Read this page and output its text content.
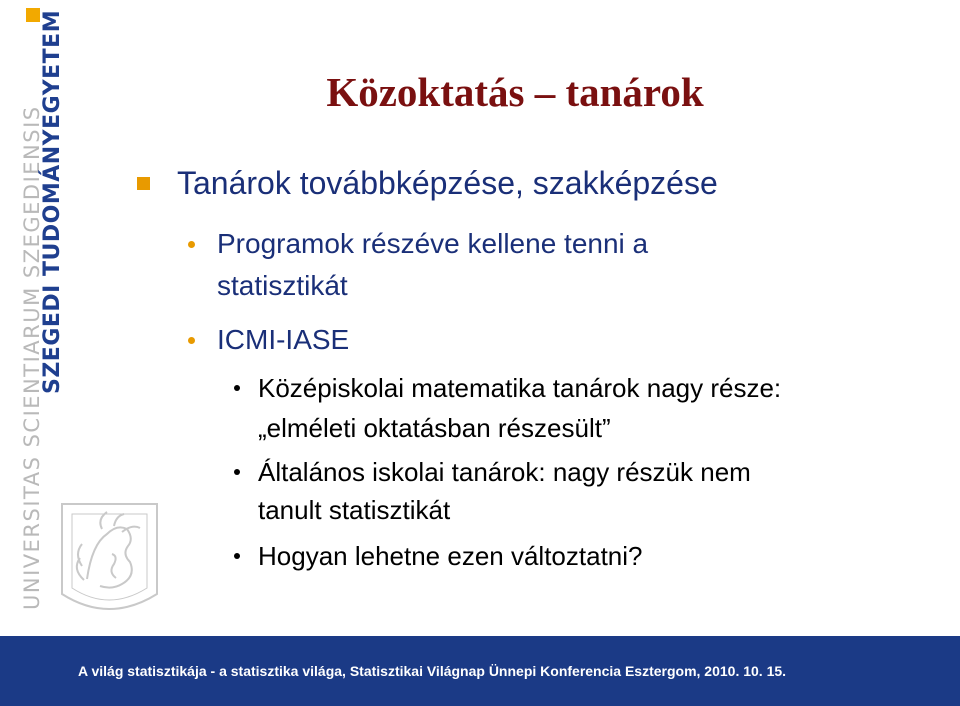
UNIVERSITAS SCIENTIARUM SZEGEDIENSIS
SZEGEDI TUDOMÁNYEGYETEM	Közoktatás – tanárok
Tanárok továbbképzése, szakképzése
Programok részéve kellene tenni a
statisztikát
ICMI-IASE
Középiskolai matematika tanárok nagy része:
„elméleti oktatásban részesült”
Általános iskolai tanárok: nagy részük nem
tanult statisztikát
Hogyan lehetne ezen változtatni?
A világ statisztikája - a statisztika világa, Statisztikai Világnap Ünnepi Konferencia Esztergom, 2010. 10. 15.
